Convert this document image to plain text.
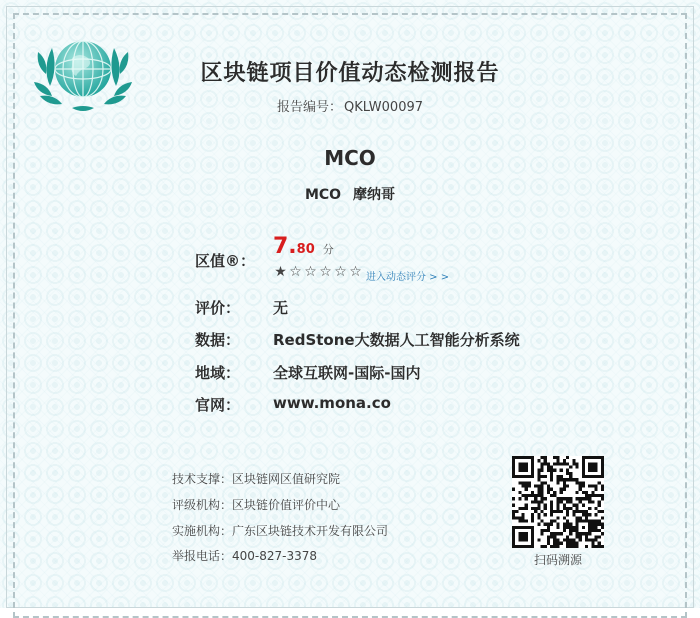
区块链项目价值动态检测报告
报告编号： QKLW00097
MCO
MCO 摩纳哥
区值®：
7.80 分
★ ☆ ☆ ☆ ☆ ☆ 进入动态评分 > >
评价： 无
数据： RedStone大数据人工智能分析系统
地域： 全球互联网-国际-国内
官网： www.mona.co
技术支撑：区块链网区值研究院
评级机构：区块链价值评价中心
实施机构：广东区块链技术开发有限公司
举报电话：400-827-3378	扫码溯源
